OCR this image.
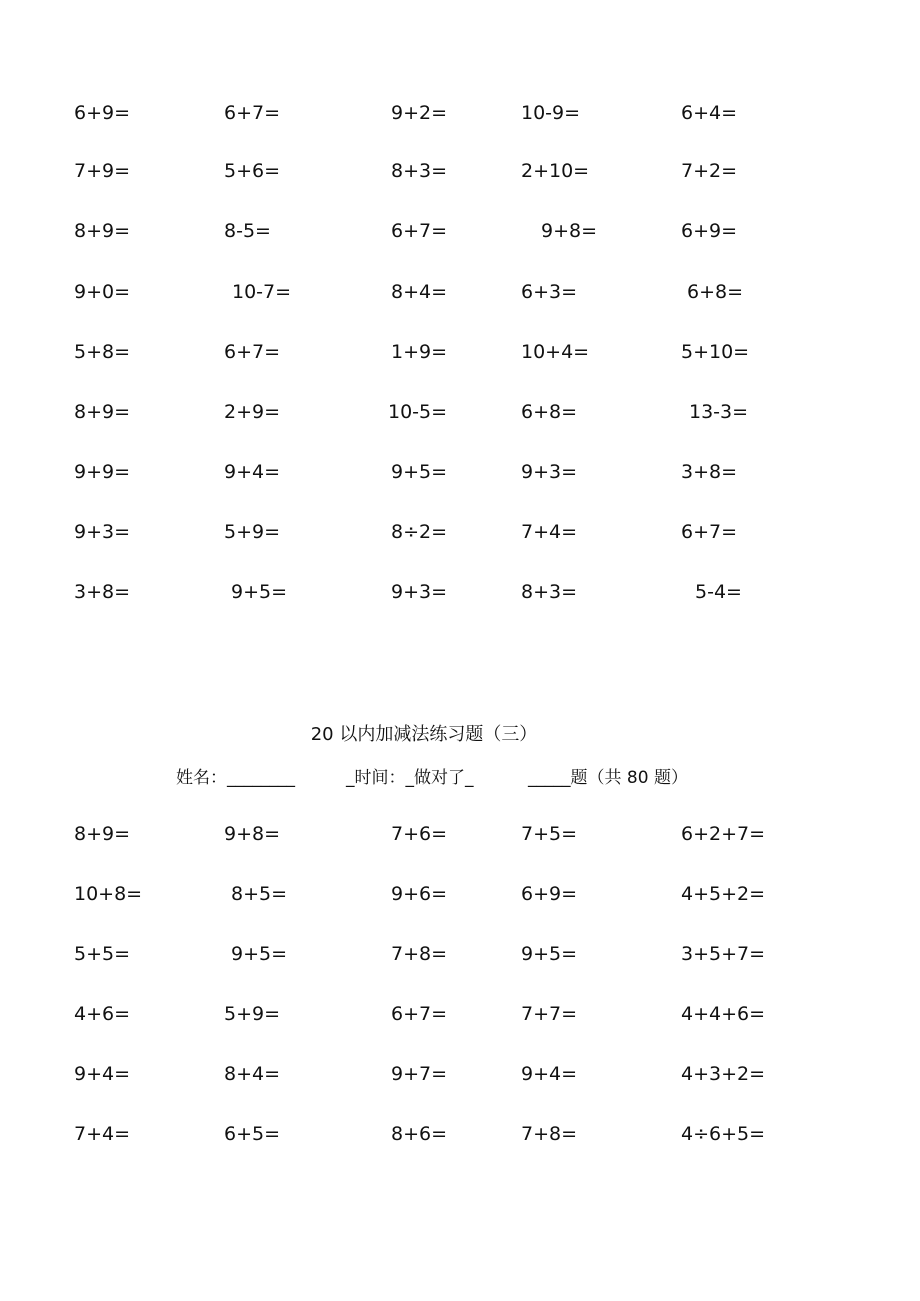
6+9=	6+7=	9+2=	10-9=	6+4=
7+9=	5+6=	8+3=	2+10=	7+2=
8+9=	8-5=	6+7=	9+8=	6+9=
9+0=	10-7=	8+4=	6+3=	6+8=
5+8=	6+7=	1+9=	10+4=	5+10=
8+9=	2+9=	10-5=	6+8=	13-3=
9+9=	9+4=	9+5=	9+3=	3+8=
9+3=	5+9=	8÷2=	7+4=	6+7=
3+8=	9+5=	9+3=	8+3=	5-4=
20 以内加减法练习题（三）
姓名：________	_时间：_做对了_	_____题（共 80 题）
8+9=	9+8=	7+6=	7+5=	6+2+7=
10+8=	8+5=	9+6=	6+9=	4+5+2=
5+5=	9+5=	7+8=	9+5=	3+5+7=
4+6=	5+9=	6+7=	7+7=	4+4+6=
9+4=	8+4=	9+7=	9+4=	4+3+2=
7+4=	6+5=	8+6=	7+8=	4÷6+5=
